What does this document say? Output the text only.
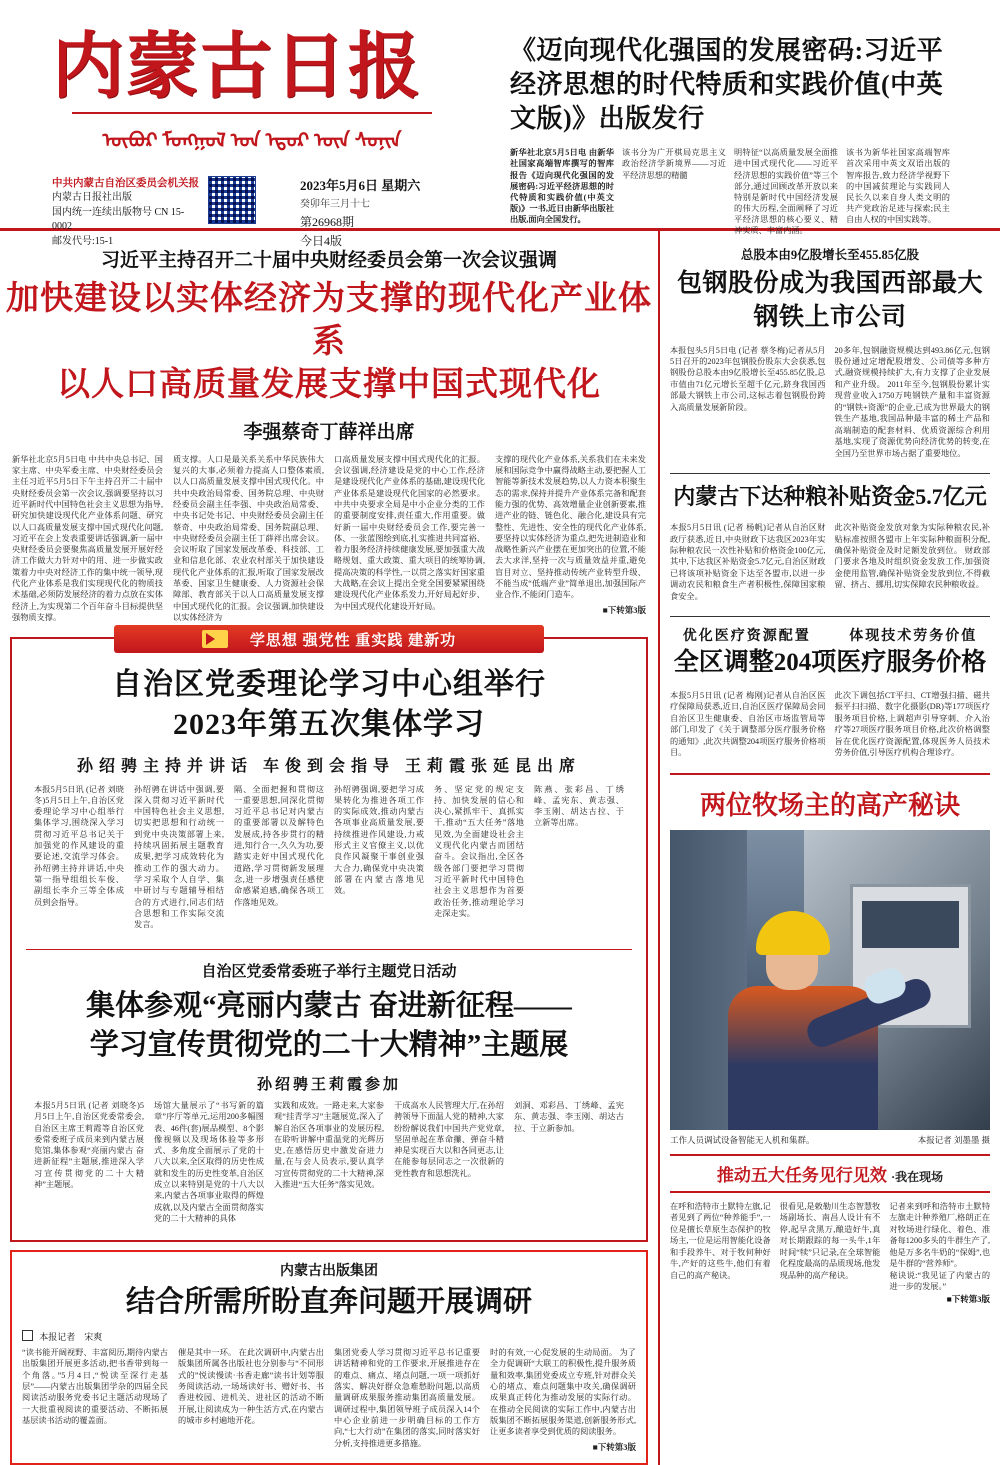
内蒙古日报
ᠦᠪᠦᠷ ᠮᠣᠩᠭᠣᠯ ᠤᠨ ᠡᠳᠦᠷ ᠦᠨ ᠰᠣᠨᠢᠨ
中共内蒙古自治区委员会机关报
内蒙古日报社出版
国内统一连续出版物号 CN 15-0002
邮发代号:15-1
2023年5月6日 星期六
癸卯年三月十七
第26968期
今日4版
《迈向现代化强国的发展密码:习近平经济思想的时代特质和实践价值(中英文版)》出版发行
新华社北京5月5日电 由新华社国家高端智库撰写的智库报告《迈向现代化强国的发展密码:习近平经济思想的时代特质和实践价值(中英文版)》一书,近日由新华出版社出版,面向全国发行。
该书分为广开棋局克思主义政治经济学新境界——习近平经济思想的精髓
明特征“以高质量发展全面推进中国式现代化——习近平经济思想的实践价值”等三个部分,通过回顾改革开放以来特别是新时代中国经济发展的伟大历程,全面阐释了习近平经济思想的核心要义、精神实质、丰富内涵。
该书为新华社国家高端智库首次采用中英文双语出版的智库报告,致力经济学视野下的中国减贫理论与实践同人民长久以来自身人类文明的共产党政治足迹与探索;民主自由人权的中国实践等。
习近平主持召开二十届中央财经委员会第一次会议强调
加快建设以实体经济为支撑的现代化产业体系
以人口高质量发展支撑中国式现代化
李强蔡奇丁薛祥出席
新华社北京5月5日电 中共中央总书记、国家主席、中央军委主席、中央财经委员会主任习近平5月5日下午主持召开二十届中央财经委员会第一次会议,强调要坚持以习近平新时代中国特色社会主义思想为指导,研究加快建设现代化产业体系问题、研究以人口高质量发展支撑中国式现代化问题,习近平在会上发表重要讲话强调,新一届中央财经委员会要聚焦高质量发展开展好经济工作做大力针对中的用、进一步做实政策着力中央对经济工作的集中统一领导,现代化产业体系是我们实现现代化的物质技术基础,必须防发展经济的着力点放在实体经济上,为实现第二个百年奋斗目标提供坚强物质支撑。
质支撑。人口是最关系关系中华民族伟大复兴的大事,必须着力提高人口整体素质,以人口高质量发展支撑中国式现代化。中共中央政治局常委、国务院总理、中央财经委员会副主任李强、中央政治局常委、中央书记处书记、中央财经委员会副主任蔡奇、中央政治局常委、国务院副总理、中央财经委员会副主任丁薛祥出席会议。会议听取了国家发展改革委、科技部、工业和信息化部、农业农村部关于加快建设现代化产业体系的汇报,听取了国家发展改革委、国家卫生健康委、人力资源社会保障部、教育部关于以人口高质量发展支撑中国式现代化的汇报。会议强调,加快建设以实体经济为
口高质量发展支撑中国式现代化的汇报。会议强调,经济建设是党的中心工作,经济是建设现代化产业体系的基础,建设现代化产业体系是建设现代化国家的必然要求。中共中央要求全局是中小企业分类的工作的重要制度安排,责任重大,作用重要。做好新一届中央财经委员会工作,要完善一体、一张蓝图绘到底,扎实推进共同富裕、着力服务经济持续健康发展,要加强重大战略规划、重大政策、重大项目的统筹协调,提高决策的科学性,一以贯之落实好国家重大战略,在会议上提出全党全国要紧紧围绕建设现代化产业体系发力,开好局起好步、为中国式现代化建设开好局。
支撑的现代化产业体系,关系我们在未来发展和国际竞争中赢得战略主动,要把握人工智能等新技术发展趋势,以人力资本积聚生态的需求,保持并提升产业体系完备和配套能力强的优势、高效增量企业创新要素,推进产业的链、链色化、融合化,建设具有完整性、先进性、安全性的现代化产业体系,要坚持以实体经济为重点,把先进制造业和战略性新兴产业摆在更加突出的位置,不能去大求洋,坚持一次与质量效益并重,避免盲目对立、坚持推动传统产业转型升级、不能当成“低端产业”简单退出,加强国际产业合作,不能闭门造车。
■下转第3版
学思想 强党性 重实践 建新功
自治区党委理论学习中心组举行
2023年第五次集体学习
孙绍骋主持并讲话 车俊到会指导 王莉霞张延昆出席
本报5月5日讯 (记者 刘晓冬)5月5日上午,自治区党委理论学习中心组举行集体学习,围绕深入学习贯彻习近平总书记关于加强党的作风建设的重要论述,交流学习体会。孙绍骋主持并讲话,中央第一指导组组长车俊、副组长李介三等全体成员到会指导。
孙绍骋在讲话中强调,要深入贯彻习近平新时代中国特色社会主义思想,切实把思想和行动统一到党中央决策部署上来,持续巩固拓展主题教育成果,把学习成效转化为推动工作的强大动力。学习采取个人自学、集中研讨与专题辅导相结合的方式进行,同志们结合思想和工作实际交流发言。
隔、全面把握和贯彻这一重要思想,同深化贯彻习近平总书记对内蒙古的重要部署以及解特色发展成,持各步贯行的精进,知行合一,久久为功,要踏实走好中国式现代化道路,学习贯彻新发展理念,进一步增强责任感使命感紧迫感,确保各项工作落地见效。
孙绍骋强调,要把学习成果转化为推进各项工作的实际成效,推动内蒙古各项事业高质量发展,要持续推进作风建设,力戒形式主义官僚主义,以优良作风凝聚干事创业强大合力,确保党中央决策部署在内蒙古落地见效。
务、坚定党的规定支持、加快发展的信心和决心,紧抓牢干、真抓实干,推动“五大任务”落地见效,为全面建设社会主义现代化内蒙古而团结奋斗。会议指出,全区各级各部门要把学习贯彻习近平新时代中国特色社会主义思想作为首要政治任务,推动理论学习走深走实。
陈燕、张彩昌、丁绣峰、孟宪东、黄志强、李玉刚、胡达古拉、于立新等出席。
自治区党委常委班子举行主题党日活动
集体参观“亮丽内蒙古 奋进新征程——
学习宣传贯彻党的二十大精神”主题展
孙绍骋王莉霞参加
本报5月5日讯 (记者 刘晓冬)5月5日上午,自治区党委常委会,自治区主席王莉霞等自治区党委常委班子成员来到内蒙古展览馆,集体参观“亮丽内蒙古 奋进新征程”主题展,推进深入学习宣传贯彻党的二十大精神”主题展。
场馆大量展示了“书写新的篇章”序厅等单元,运用200多幅图表、46件(套)展品模型、8个影像视频以及现场体验等多形式、多角度全面展示了党的十八大以来,全区取得的历史性成就和发生的历史性变革,自治区成立以来特别是党的十八大以来,内蒙古各项事业取得的辉煌成就,以及内蒙古全面贯彻落实党的二十大精神的具体
实践和成效。一路走来,大家参观“挂青学习”主题展览,深入了解自治区各项事业的发展历程,在聆听讲解中重温党的光辉历史,在感悟历史中激发奋进力量,在与会人员表示,要认真学习宣传贯彻党的二十大精神,深入推进“五大任务”落实见效。
干成高水人民管理大厅,在孙绍骋领导下面温人党的精神,大家纷纷解说我们中国共产党党章,坚固单起在革命攥、弹奋斗精神是实现百大以和各同更志,让在能参每层同志之一次很新的党性教育和思想洗礼。
刘洞、邓彩昌、丁绣峰、孟宪东、黄志强、李玉刚、胡达古拉、于立新参加。
内蒙古出版集团
结合所需所盼直奔问题开展调研
本报记者 宋爽
“读书能开阔视野、丰富阅历,期待内蒙古出版集团开展更多活动,把书香带到每一个角落。”5月4日,“悦读至深行走基层”——内蒙古出版集团学杂的四届全民阅读活动服务党委书记主题活动现场了一大批重视阅读的重要活动、不断拓展基层读书活动的覆盖面。
催是其中一环。 在此次调研中,内蒙古出版集团所属各出版社也分别参与“不同形式的”悦读慢读·书香走廊”读书计划等服务阅读活动,一场场读好书、赠好书、书香进校园、进机关、进社区的活动不断开展,让阅读成为一种生活方式,在内蒙古的城市乡村遍地开花。
集团党委人学习贯彻习近平总书记重要讲话精神和党的工作要求,开展推进存在的难点、痛点、堵点问题,一项一项抓好落实、解决好群众急难愁盼问题,以高质量调研成果服务推动集团高质量发展。 调研过程中,集团领导班子成员深入14个中心企业前进一步明确目标的工作方向,“七大行动”在集团的落实,同时落实好分析,支持推进更多措施。
时的有效,一心促发展的生动局面。 为了全力促调研“大联工的积极性,提升服务质量和效率,集团党委成立专班,针对群众关心的堵点、难点问题集中攻关,确保调研成果真正转化为推动发展的实际行动。 在推动全民阅读的实际工作中,内蒙古出版集团不断拓展服务渠道,创新服务形式,让更多读者享受到优质的阅读服务。
■下转第3版
总股本由9亿股增长至455.85亿股
包钢股份成为我国西部最大钢铁上市公司
本报包头5月5日电 (记者 蔡冬梅)记者从5月5日召开的2023年包钢股份股东大会获悉,包钢股份总股本由9亿股增长至455.85亿股,总市值由71亿元增长至超千亿元,跻身我国西部最大钢铁上市公司,这标志着包钢股份跨入高质量发展新阶段。
20多年,包钢融资规模达到493.86亿元,包钢股份通过定增配股增发、公司债等多种方式,融资规模持续扩大,有力支撑了企业发展和产业升级。 2011年至今,包钢股份累计实现营业收入1750万吨钢铁产量和丰富资源的“钢铁+资源”的企业,已成为世界最大的钢铁生产基地,我国品种最丰富的稀土产品和高端制造的配套材料、优质资源综合利用基地,实现了资源优势向经济优势的转变,在全国乃至世界市场占据了重要地位。
内蒙古下达种粮补贴资金5.7亿元
本报5月5日讯 (记者 杨帆)记者从自治区财政厅获悉,近日,中央财政下达我区2023年实际种粮农民一次性补贴和价格资金100亿元,其中,下达我区补贴资金5.7亿元,自治区财政已将该项补贴资金下达至各盟市,以进一步调动农民和粮食生产者积极性,保障国家粮食安全。
此次补贴资金发放对象为实际种粮农民,补贴标准按照各盟市上年实际种粮面积分配,确保补贴资金及时足额发放到位。 财政部门要求各地及时组织资金发放工作,加强资金使用监管,确保补贴资金发放到位,不得截留、挤占、挪用,切实保障农民种粮收益。
优化医疗资源配置	体现技术劳务价值
全区调整204项医疗服务价格
本报5月5日讯 (记者 梅刚)记者从自治区医疗保障局获悉,近日,自治区医疗保障局会同自治区卫生健康委、自治区市场监管局等部门,印发了《关于调整部分医疗服务价格的通知》,此次共调整204项医疗服务价格项目。
此次下调包括CT平扫、CT增强扫描、磁共振平扫扫描、数字化摄影(DR)等177项医疗服务项目价格,上调超声引导穿刺、介入治疗等27项医疗服务项目价格,此次价格调整旨在优化医疗资源配置,体现医务人员技术劳务价值,引导医疗机构合理诊疗。
两位牧场主的高产秘诀
工作人员调试设备智能无人机和集群。	本报记者 刘墨墨 摄
推动五大任务见行见效 ·我在现场
在呼和浩特市土默特左旗,记者见到了两位“种养能手”,一位是擅长草原生态保护的牧场主,一位是运用智能化设备和手段养牛、对于牧何种好牛,产好的这些牛,他们有着自己的高产秘诀。
很看见,是敕勒川生态智慧牧场副场长、南昌人设计有不停,起早贪黑万,酿造好牛,真对长期跟踪的每一头牛,1年时间“犊”只记录,在全球智能化程度最高的品质现场,他发现品种的高产秘诀。
记者来到呼和浩特市土默特左旗走计种养殖厂,格朗正在对牧场进行绿化、着色、准备每1200多头的牛群生产了,他是万多名牛奶的“保姆”,也是牛群的“营养师”。
秘诀说:“我见证了内蒙古的进一步的发展。”
■下转第3版
